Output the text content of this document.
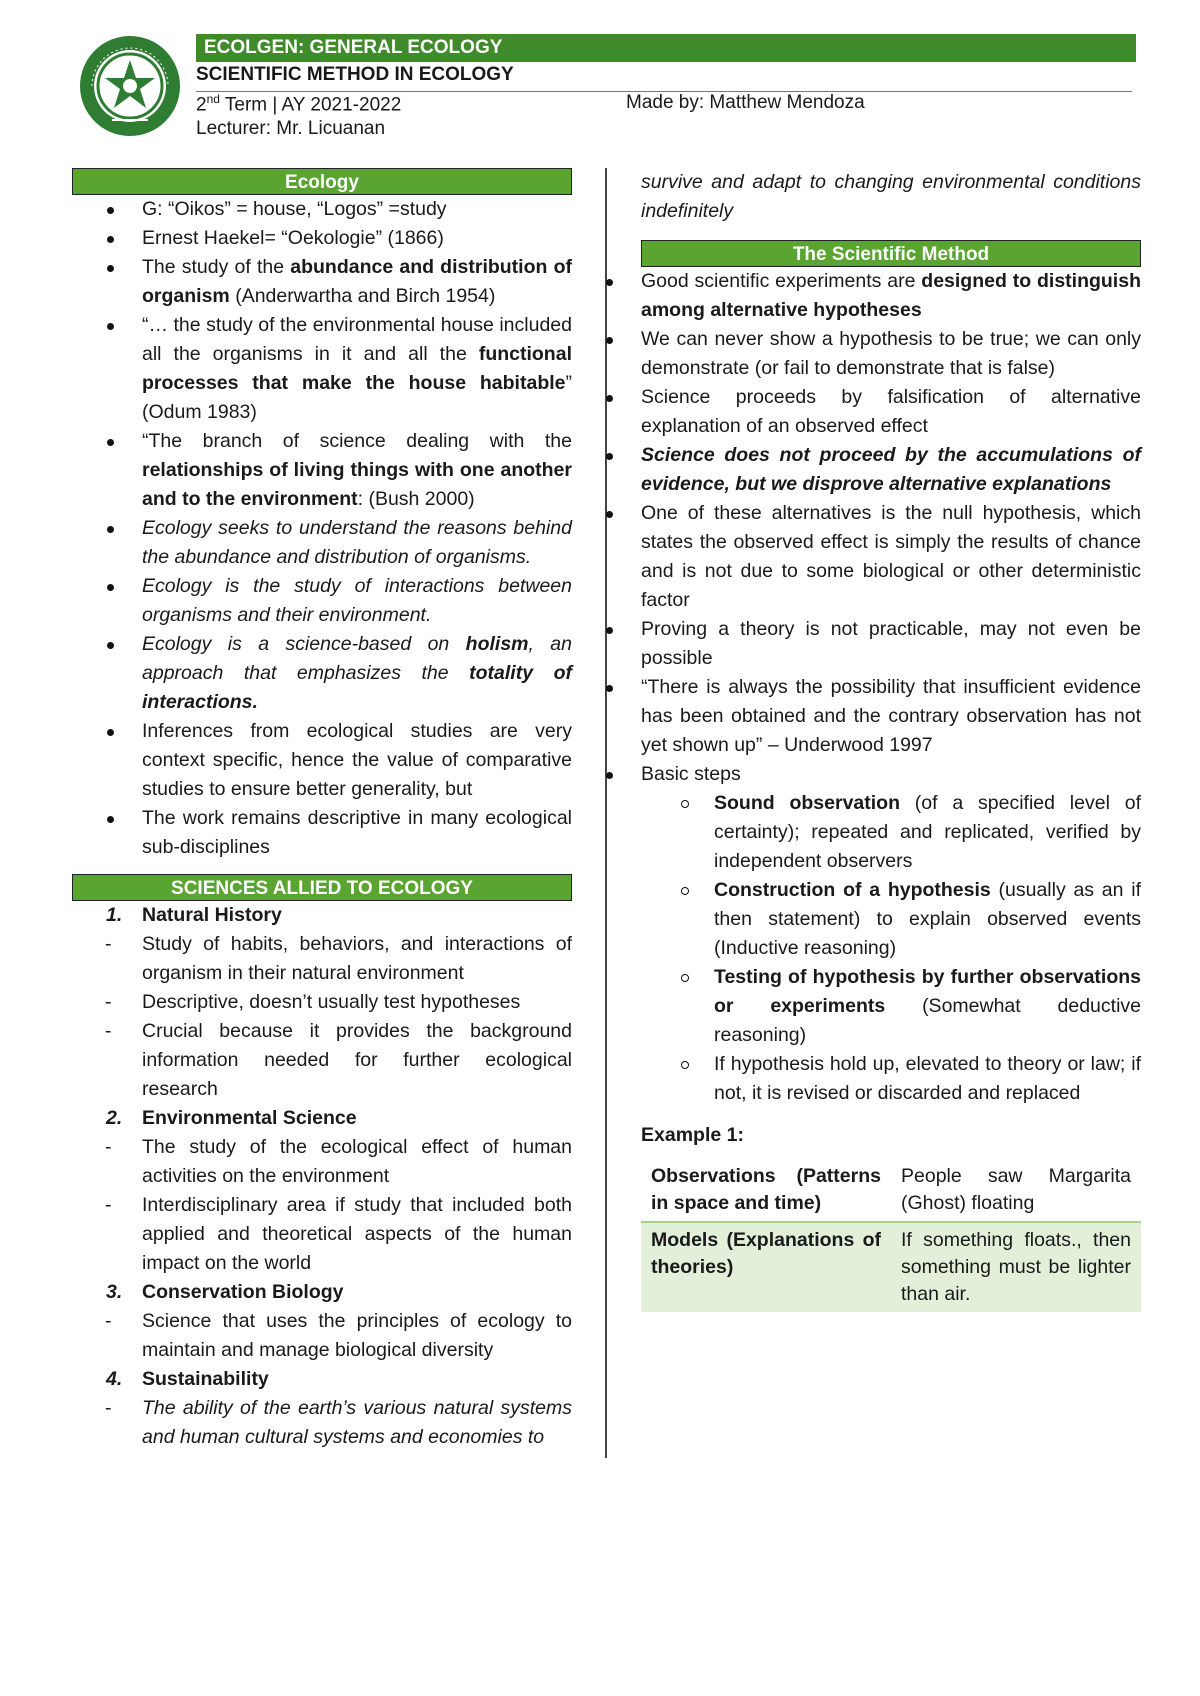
ECOLGEN: GENERAL ECOLOGY
SCIENTIFIC METHOD IN ECOLOGY
2nd Term | AY 2021-2022	Made by: Matthew Mendoza
Lecturer: Mr. Licuanan
Ecology
G: “Oikos” = house, “Logos” =study
Ernest Haekel= “Oekologie” (1866)
The study of the abundance and distribution of organism (Anderwartha and Birch 1954)
“… the study of the environmental house included all the organisms in it and all the functional processes that make the house habitable” (Odum 1983)
“The branch of science dealing with the relationships of living things with one another and to the environment: (Bush 2000)
Ecology seeks to understand the reasons behind the abundance and distribution of organisms.
Ecology is the study of interactions between organisms and their environment.
Ecology is a science-based on holism, an approach that emphasizes the totality of interactions.
Inferences from ecological studies are very context specific, hence the value of comparative studies to ensure better generality, but
The work remains descriptive in many ecological sub-disciplines
SCIENCES ALLIED TO ECOLOGY
1. Natural History
- Study of habits, behaviors, and interactions of organism in their natural environment
- Descriptive, doesn’t usually test hypotheses
- Crucial because it provides the background information needed for further ecological research
2. Environmental Science
- The study of the ecological effect of human activities on the environment
- Interdisciplinary area if study that included both applied and theoretical aspects of the human impact on the world
3. Conservation Biology
- Science that uses the principles of ecology to maintain and manage biological diversity
4. Sustainability
- The ability of the earth’s various natural systems and human cultural systems and economies to
survive and adapt to changing environmental conditions indefinitely
The Scientific Method
Good scientific experiments are designed to distinguish among alternative hypotheses
We can never show a hypothesis to be true; we can only demonstrate (or fail to demonstrate that is false)
Science proceeds by falsification of alternative explanation of an observed effect
Science does not proceed by the accumulations of evidence, but we disprove alternative explanations
One of these alternatives is the null hypothesis, which states the observed effect is simply the results of chance and is not due to some biological or other deterministic factor
Proving a theory is not practicable, may not even be possible
“There is always the possibility that insufficient evidence has been obtained and the contrary observation has not yet shown up” – Underwood 1997
Basic steps
Sound observation (of a specified level of certainty); repeated and replicated, verified by independent observers
Construction of a hypothesis (usually as an if then statement) to explain observed events (Inductive reasoning)
Testing of hypothesis by further observations or experiments (Somewhat deductive reasoning)
If hypothesis hold up, elevated to theory or law; if not, it is revised or discarded and replaced
Example 1:
Observations (Patterns in space and time)	People saw Margarita (Ghost) floating
Models (Explanations of theories)	If something floats., then something must be lighter than air.
